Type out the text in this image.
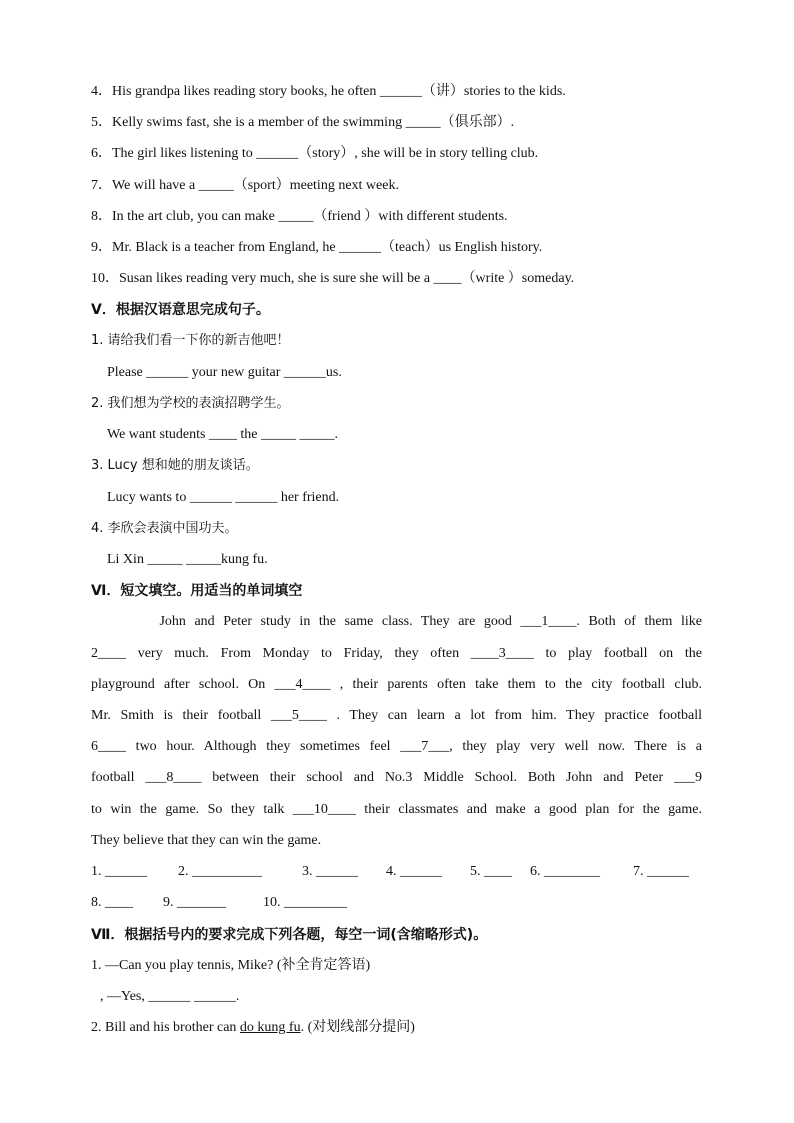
4．His grandpa likes reading story books, he often ______（讲）stories to the kids.
5．Kelly swims fast, she is a member of the swimming _____（俱乐部）.
6．The girl likes listening to ______（story）, she will be in story telling club.
7．We will have a _____（sport）meeting next week.
8．In the art club, you can make _____（friend ）with different students.
9．Mr. Black is a teacher from England, he ______（teach）us English history.
10．Susan likes reading very much, she is sure she will be a ____（write ）someday.
Ⅴ．根据汉语意思完成句子。
1. 请给我们看一下你的新吉他吧！
Please ______ your new guitar ______us.
2. 我们想为学校的表演招聘学生。
We want students ____ the _____ _____.
3. Lucy 想和她的朋友谈话。
Lucy wants to ______ ______ her friend.
4. 李欣会表演中国功夫。
Li Xin _____ _____kung fu.
Ⅵ．短文填空。用适当的单词填空
John and Peter study in the same class. They are good ___1____. Both of them like
2____ very much. From Monday to Friday, they often ____3____ to play football on the
playground after school. On ___4____ , their parents often take them to the city football club.
Mr. Smith is their football ___5____ . They can learn a lot from him. They practice football
6____ two hour. Although they sometimes feel ___7___, they play very well now. There is a
football ___8____ between their school and No.3 Middle School. Both John and Peter ___9
to win the game. So they talk ___10____ their classmates and make a good plan for the game.
They believe that they can win the game.
1. ______ 2. __________	3. ______ 4. ______ 5. ____ 6. ________ 7. ______
8. ____ 9. _______	10. _________
Ⅶ．根据括号内的要求完成下列各题，每空一词(含缩略形式)。
1. —Can you play tennis, Mike? (补全肯定答语)
, —Yes, ______ ______.
2. Bill and his brother can do kung fu. (对划线部分提问)
